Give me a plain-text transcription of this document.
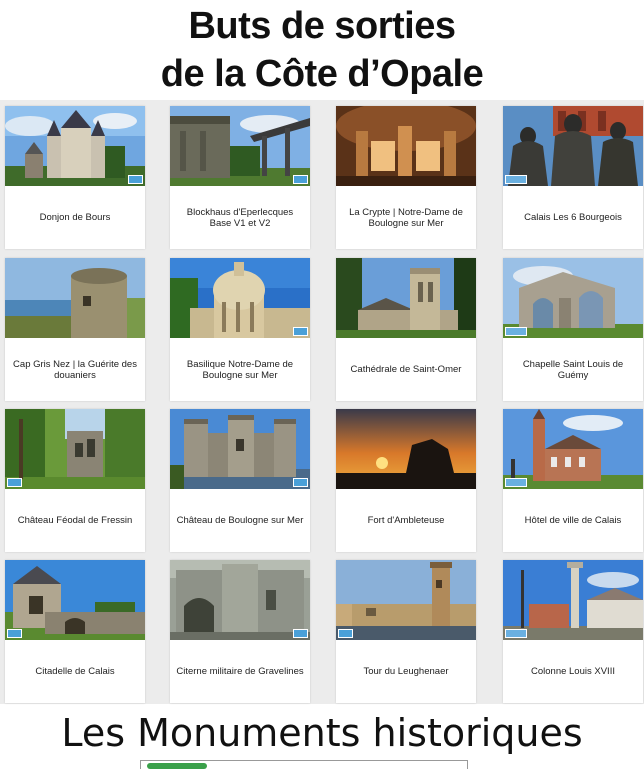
Buts de sorties
de la Côte d’Opale
Donjon de Bours
Blockhaus d'Eperlecques Base V1 et V2
La Crypte | Notre-Dame de Boulogne sur Mer
Calais Les 6 Bourgeois
Cap Gris Nez | la Guérite des douaniers
Basilique Notre-Dame de Boulogne sur Mer
Cathédrale de Saint-Omer
Chapelle Saint Louis de Guémy
Château Féodal de Fressin	Château de Boulogne sur Mer	Fort d'Ambleteuse	Hôtel de ville de Calais
Citadelle de Calais	Citerne militaire de Gravelines	Tour du Leughenaer	Colonne Louis XVIII
Les Monuments historiques
